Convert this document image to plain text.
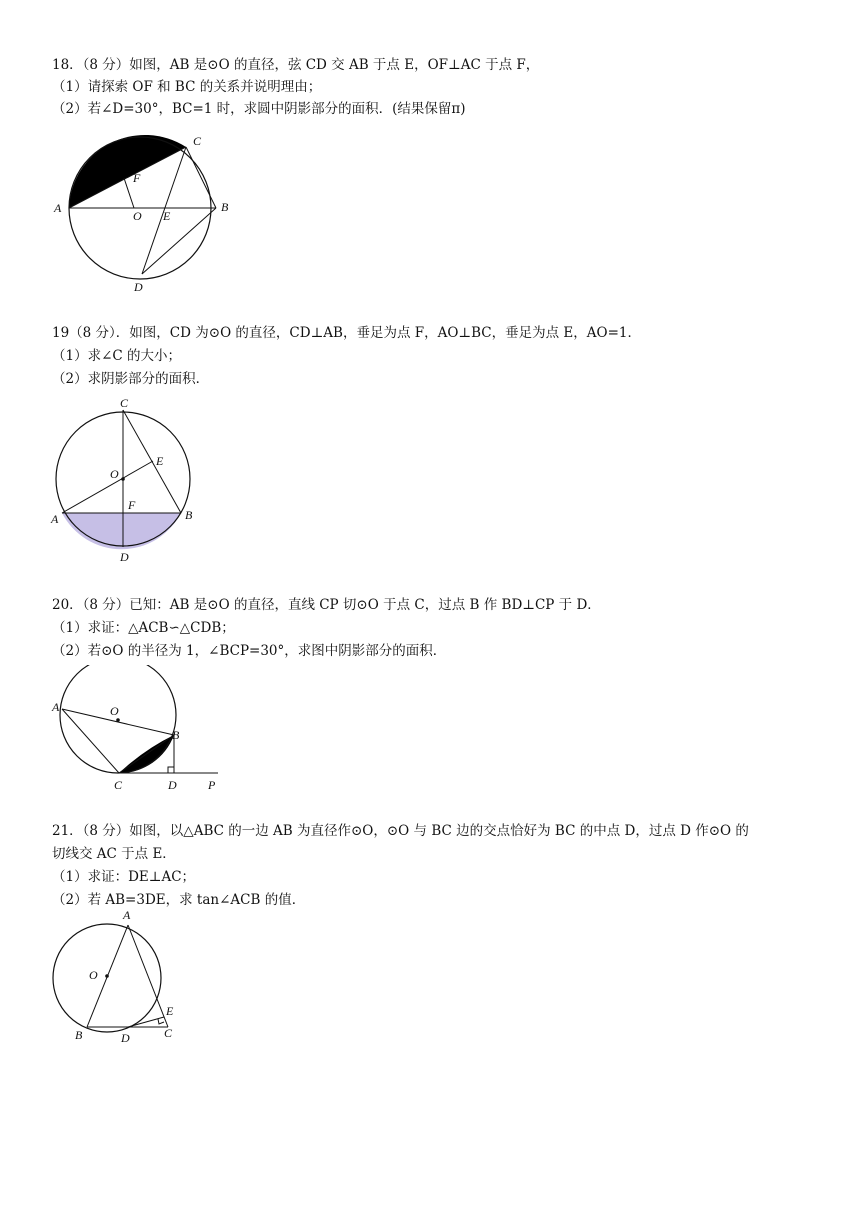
18．（8 分）如图，AB 是⊙O 的直径，弦 CD 交 AB 于点 E，OF⊥AC 于点 F，
（1）请探索 OF 和 BC 的关系并说明理由；
（2）若∠D=30°，BC=1 时，求圆中阴影部分的面积．(结果保留π)
A	B
C
D
O E
F
19（8 分）．如图，CD 为⊙O 的直径，CD⊥AB，垂足为点 F，AO⊥BC，垂足为点 E，AO=1．
（1）求∠C 的大小；
（2）求阴影部分的面积．
C
A	B
D
O
E
F
20．（8 分）已知：AB 是⊙O 的直径，直线 CP 切⊙O 于点 C，过点 B 作 BD⊥CP 于 D．
（1）求证：△ACB∽△CDB；
（2）若⊙O 的半径为 1，∠BCP=30°，求图中阴影部分的面积．
A
B
C	D
O
P
21．（8 分）如图，以△ABC 的一边 AB 为直径作⊙O，⊙O 与 BC 边的交点恰好为 BC 的中点 D，过点 D 作⊙O 的
切线交 AC 于点 E．
（1）求证：DE⊥AC；
（2）若 AB=3DE，求 tan∠ACB 的值．
A
B	C
D
E
O
